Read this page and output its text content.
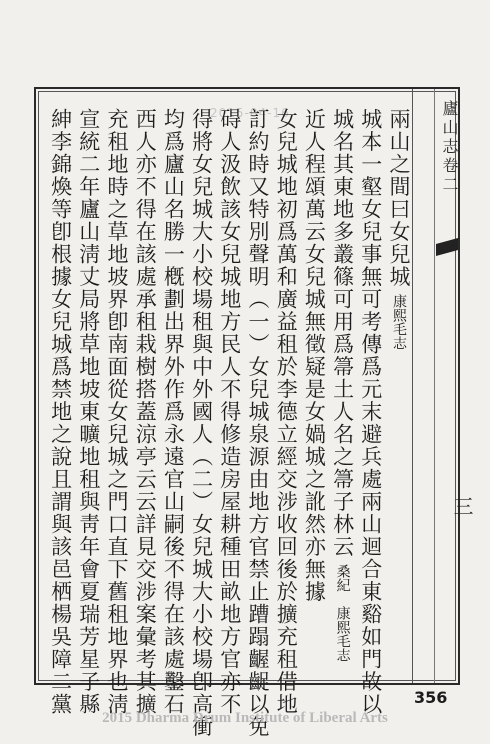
廬山志卷二
2015-04-16	兩山之間曰女兒城康熙毛志
城本一壑女兒事無可考傳爲元末避兵處兩山迴合東谿如門故以
城名其東地多叢篠可用爲箒土人名之箒子林云桑紀　康熙毛志
近人程頌萬云女兒城無徵疑是女媧城之訛然亦無據
女兒城地初爲萬和廣益租於李德立經交涉收回後於擴充租借地
訂約時又特別聲明（一）女兒城泉源由地方官禁止蹧蹋齷齪以免
碍人汲飲該女兒城地方民人不得修造房屋耕種田畝地方官亦不
得將女兒城大小校場租與中外國人（二）女兒城大小校場卽高衝
均爲廬山名勝一槪劃出界外作爲永遠官山嗣後不得在該處鑿石
西人亦不得在該處承租栽樹搭蓋涼亭云云詳見交涉案彙考其擴
充租地時之草地坡界卽南面從女兒城之門口直下舊租地界也淸
宣統二年廬山淸丈局將草地坡東曠地租與靑年會夏瑞芳星子縣
紳李錦煥等卽根據女兒城爲禁地之說且謂與該邑栖楊吳障二黨	三
356
2015 Dharma Drum Institute of Liberal Arts
